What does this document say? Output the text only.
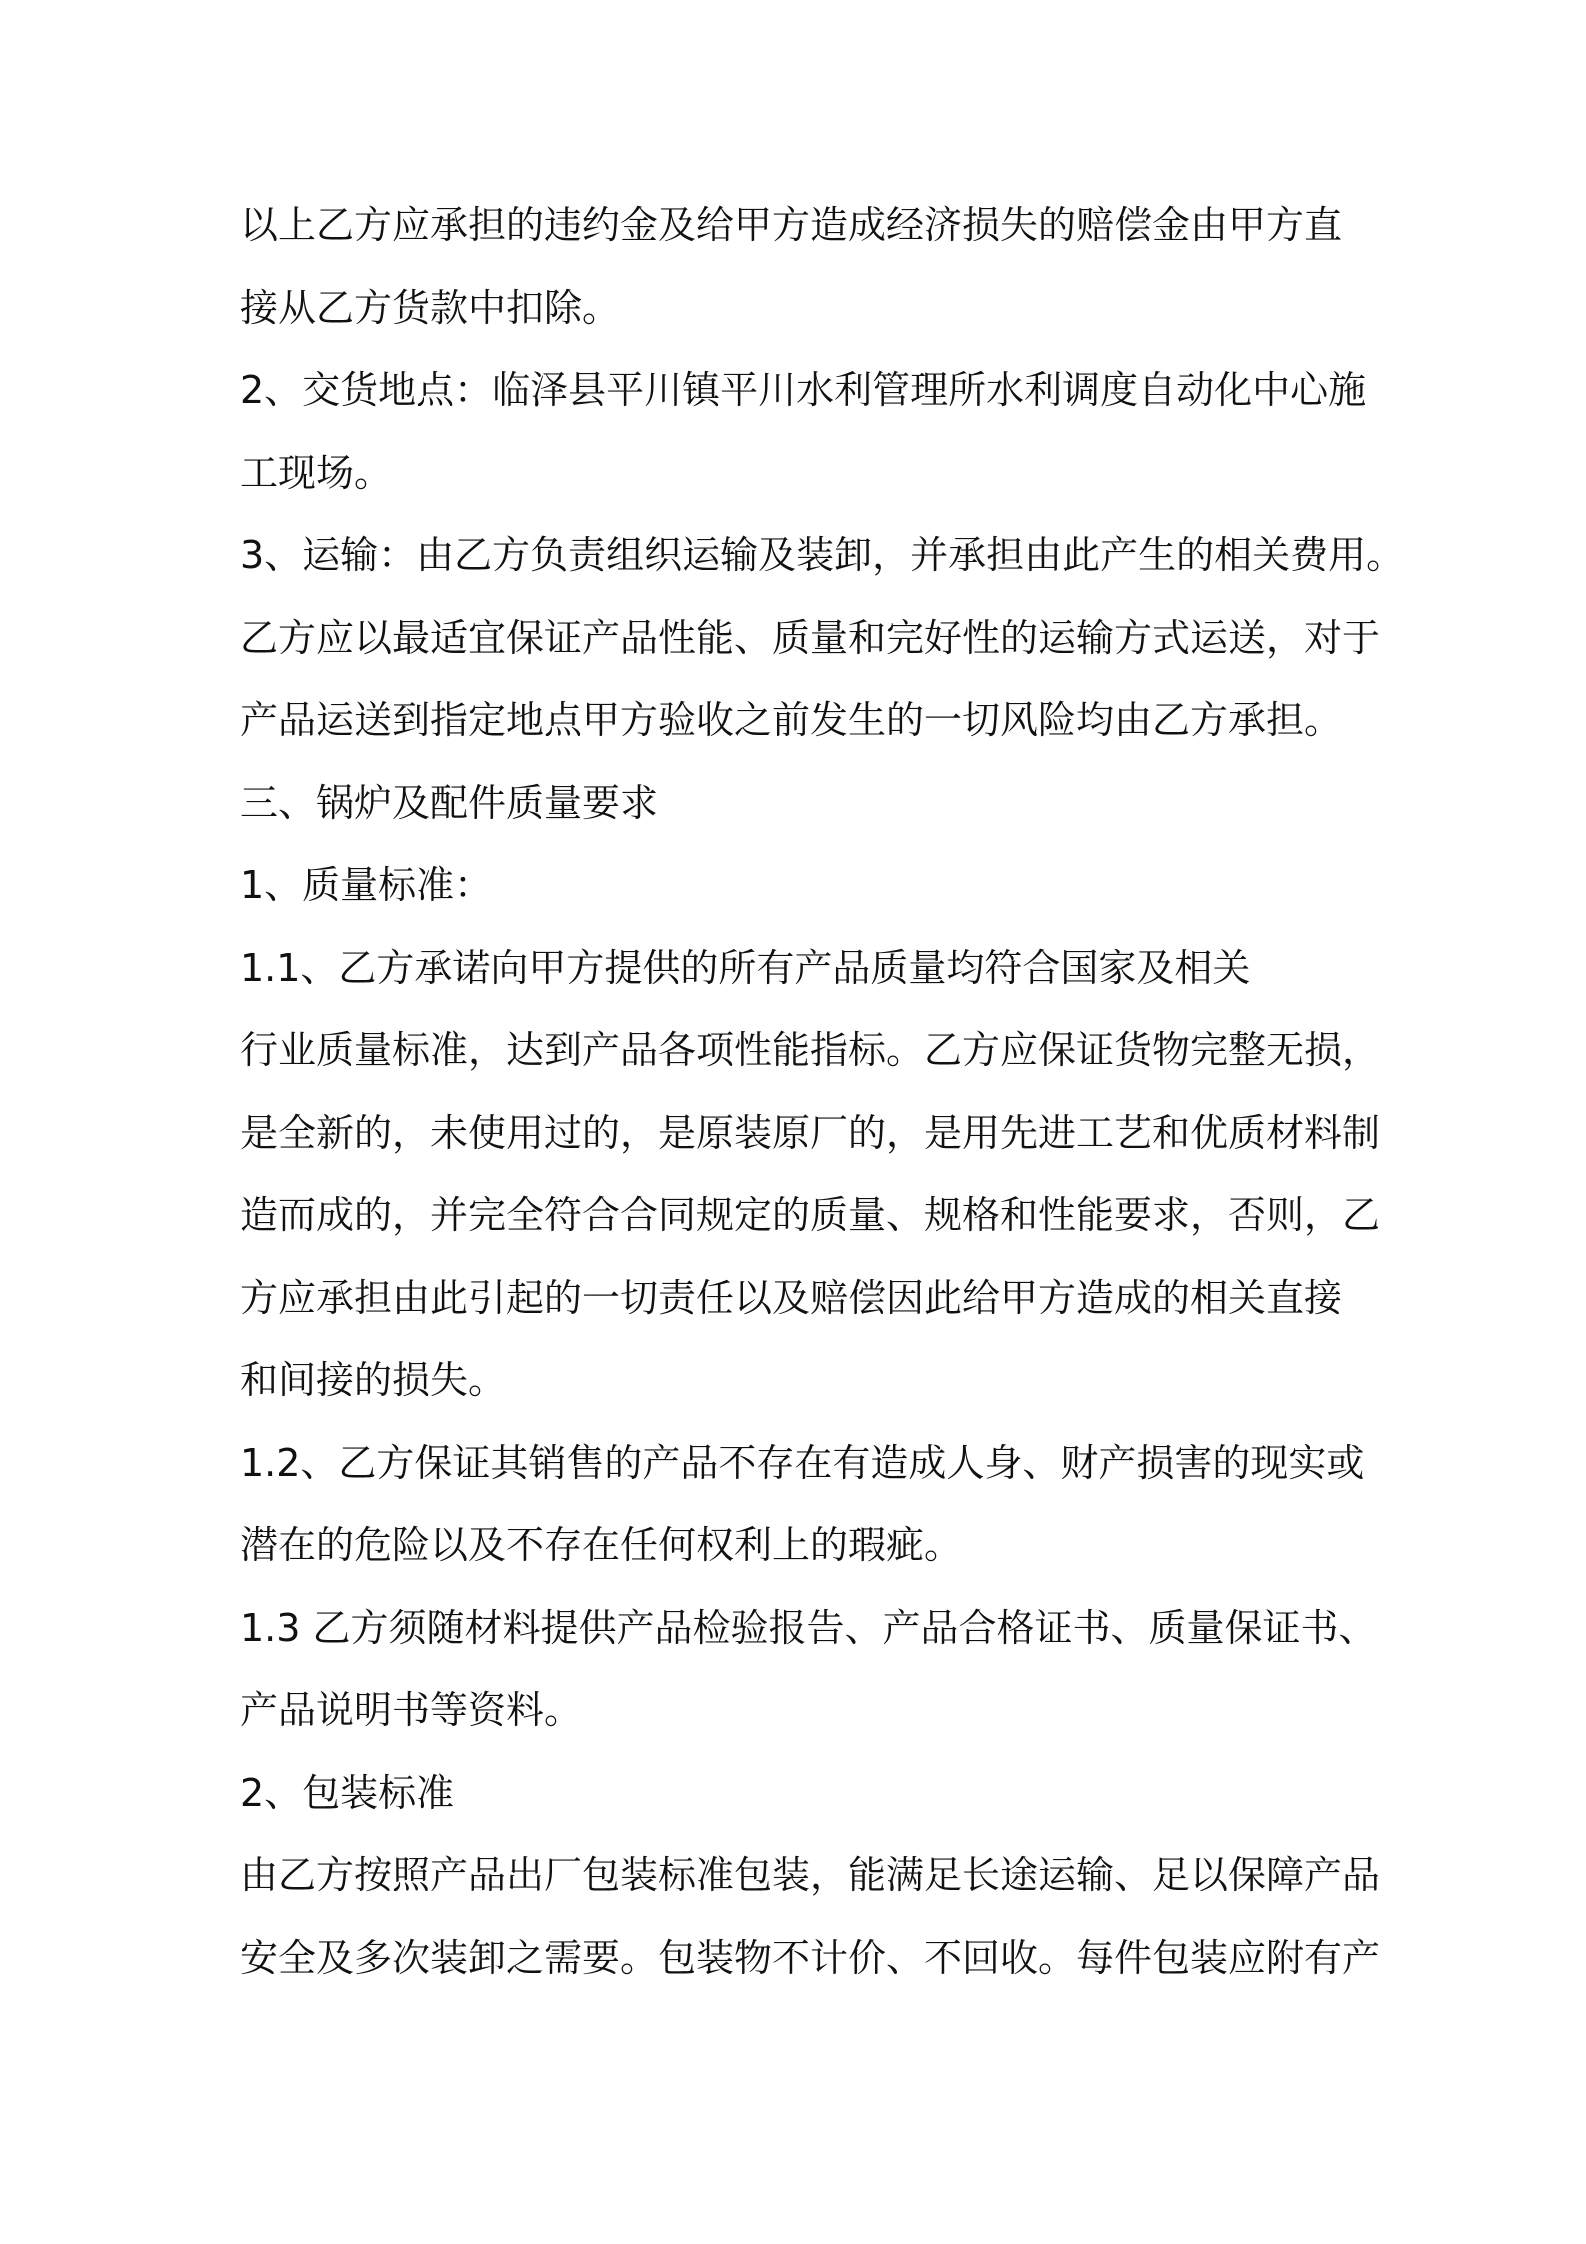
以上乙方应承担的违约金及给甲方造成经济损失的赔偿金由甲方直
接从乙方货款中扣除。
2、交货地点：临泽县平川镇平川水利管理所水利调度自动化中心施
工现场。
3、运输：由乙方负责组织运输及装卸，并承担由此产生的相关费用。
乙方应以最适宜保证产品性能、质量和完好性的运输方式运送，对于
产品运送到指定地点甲方验收之前发生的一切风险均由乙方承担。
三、锅炉及配件质量要求
1、质量标准：
1.1、乙方承诺向甲方提供的所有产品质量均符合国家及相关
行业质量标准，达到产品各项性能指标。乙方应保证货物完整无损，
是全新的，未使用过的，是原装原厂的，是用先进工艺和优质材料制
造而成的，并完全符合合同规定的质量、规格和性能要求，否则，乙
方应承担由此引起的一切责任以及赔偿因此给甲方造成的相关直接
和间接的损失。
1.2、乙方保证其销售的产品不存在有造成人身、财产损害的现实或
潜在的危险以及不存在任何权利上的瑕疵。
1.3 乙方须随材料提供产品检验报告、产品合格证书、质量保证书、
产品说明书等资料。
2、包装标准
由乙方按照产品出厂包装标准包装，能满足长途运输、足以保障产品
安全及多次装卸之需要。包装物不计价、不回收。每件包装应附有产
